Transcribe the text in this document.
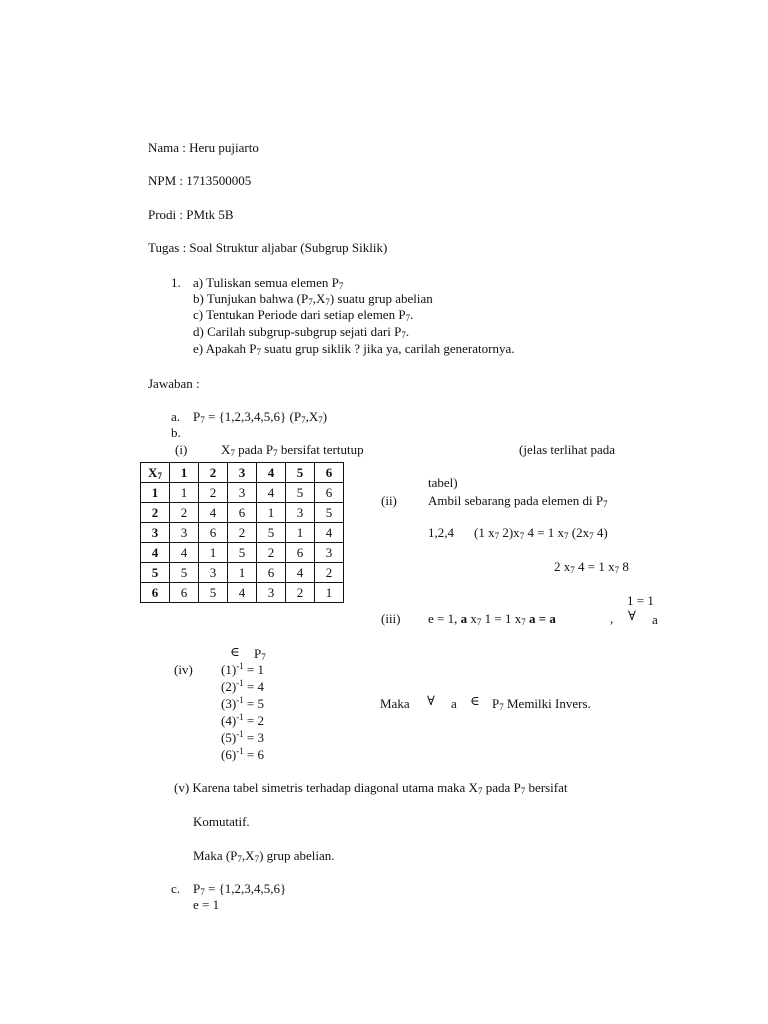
Nama : Heru pujiarto
NPM : 1713500005
Prodi : PMtk 5B
Tugas : Soal Struktur aljabar (Subgrup Siklik)
1. a) Tuliskan semua elemen $P_7$
b) Tunjukan bahwa $(P_7,X_7)$ suatu grup abelian
c) Tentukan Periode dari setiap elemen $P_7$.
d) Carilah subgrup-subgrup sejati dari $P_7$.
e) Apakah $P_7$ suatu grup siklik ? jika ya, carilah generatornya.
Jawaban :
a. $P_7 = \{1,2,3,4,5,6\}$ $(P_7,X_7)$
b.
(i)	$X_7$ pada $P_7$ bersifat tertutup	(jelas terlihat pada
tabel)
$X_7$	1	2	3	4	5	6
1	1	2	3	4	5	6
2	2	4	6	1	3	5
3	3	6	2	5	1	4
4	4	1	5	2	6	3
5	5	3	1	6	4	2
6	6	5	4	3	2	1
(ii) Ambil sebarang pada elemen di $P_7$
1,2,4 (1 $x_7$ $2)x_7$ 4 = 1 $x_7$ ($2x_7$ 4)
2 $x_7$ 4 = 1 $x_7$ 8
1 = 1
(iii) e = 1, a $x_7$ 1 = 1 $x_7$ a = a	, ∀ a
∈ $P_7$
(iv) $(1)^{-1} = 1$
$(2)^{-1} = 4$
$(3)^{-1} = 5$
$(4)^{-1} = 2$
$(5)^{-1} = 3$
$(6)^{-1} = 6$
Maka ∀ a ∈ $P_7$ Memilki Invers.
(v) Karena tabel simetris terhadap diagonal utama maka $X_7$ pada $P_7$ bersifat
Komutatif.
Maka $(P_7,X_7)$ grup abelian.
c. $P_7 = \{1,2,3,4,5,6\}$
e = 1
